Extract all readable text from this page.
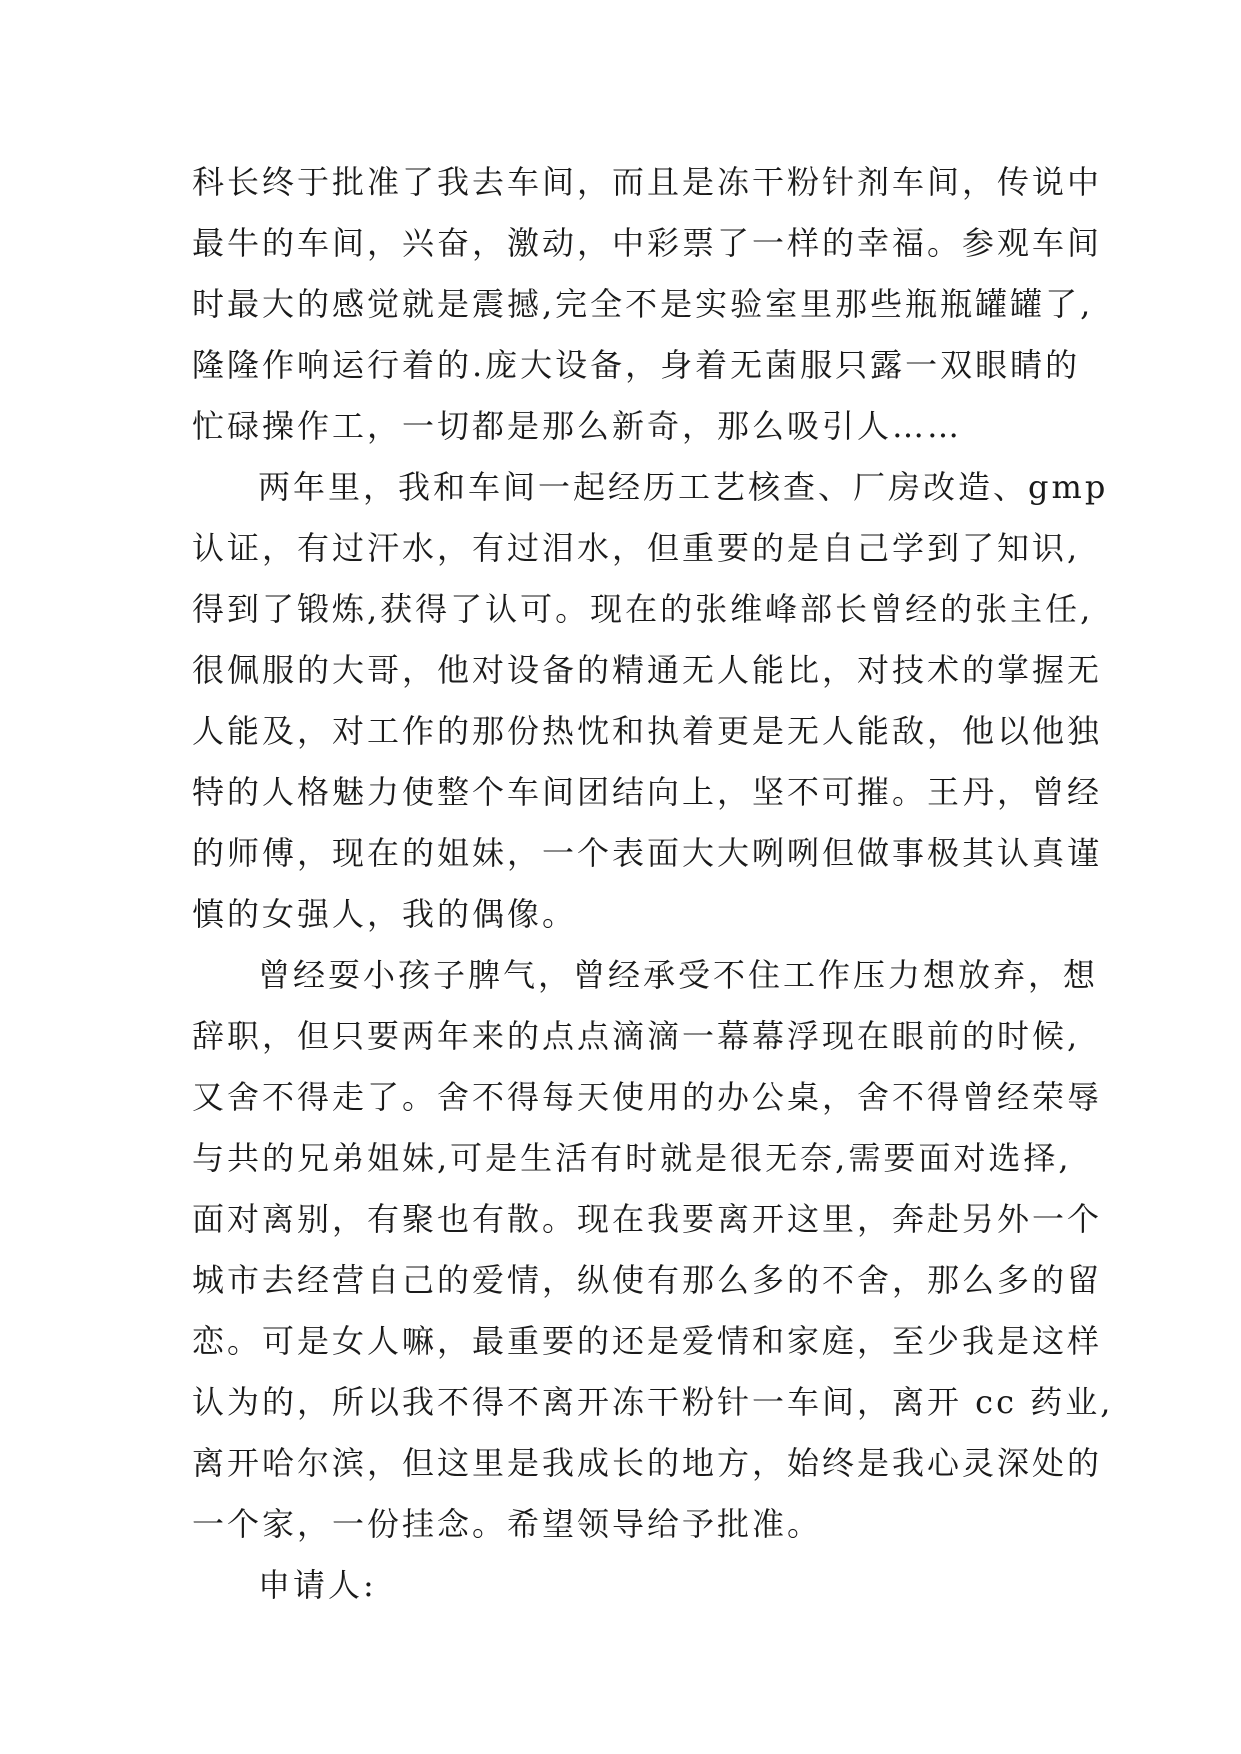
科长终于批准了我去车间，而且是冻干粉针剂车间，传说中
最牛的车间，兴奋，激动，中彩票了一样的幸福。参观车间
时最大的感觉就是震撼,完全不是实验室里那些瓶瓶罐罐了,
隆隆作响运行着的.庞大设备，身着无菌服只露一双眼睛的
忙碌操作工，一切都是那么新奇，那么吸引人……
两年里，我和车间一起经历工艺核查、厂房改造、gmp
认证，有过汗水，有过泪水，但重要的是自己学到了知识,
得到了锻炼,获得了认可。现在的张维峰部长曾经的张主任,
很佩服的大哥，他对设备的精通无人能比，对技术的掌握无
人能及，对工作的那份热忱和执着更是无人能敌，他以他独
特的人格魅力使整个车间团结向上，坚不可摧。王丹，曾经
的师傅，现在的姐妹，一个表面大大咧咧但做事极其认真谨
慎的女强人，我的偶像。
曾经耍小孩子脾气，曾经承受不住工作压力想放弃，想
辞职，但只要两年来的点点滴滴一幕幕浮现在眼前的时候,
又舍不得走了。舍不得每天使用的办公桌，舍不得曾经荣辱
与共的兄弟姐妹,可是生活有时就是很无奈,需要面对选择,
面对离别，有聚也有散。现在我要离开这里，奔赴另外一个
城市去经营自己的爱情，纵使有那么多的不舍，那么多的留
恋。可是女人嘛，最重要的还是爱情和家庭，至少我是这样
认为的，所以我不得不离开冻干粉针一车间，离开 cc 药业,
离开哈尔滨，但这里是我成长的地方，始终是我心灵深处的
一个家，一份挂念。希望领导给予批准。
申请人:
